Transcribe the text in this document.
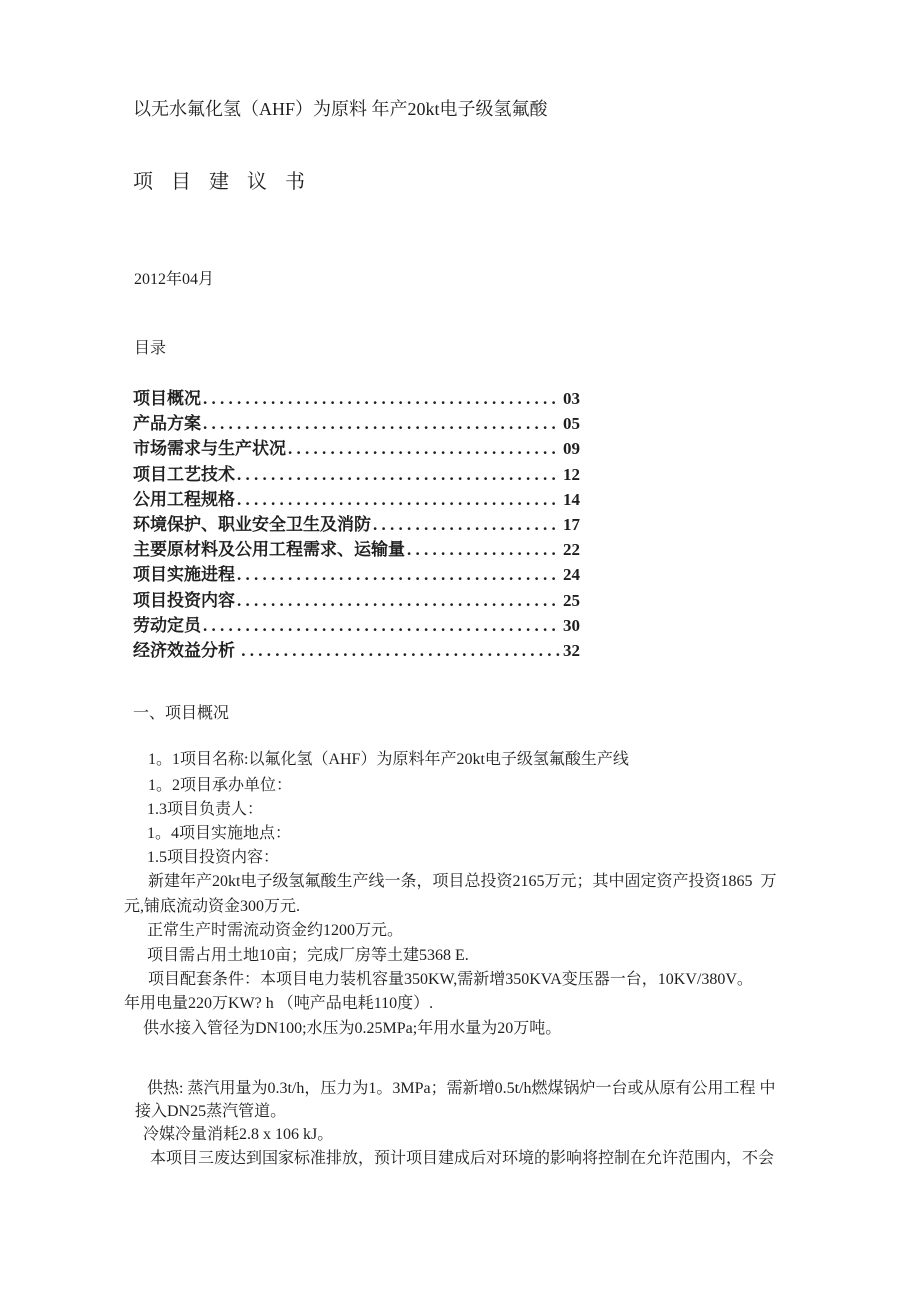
以无水氟化氢（AHF）为原料 年产20kt电子级氢氟酸
项 目 建 议 书
2012年04月
目录
项目概况 . . .	03
产品方案 . . .	05
市场需求与生产状况 . . .	09
项目工艺技术 . . .	12
公用工程规格 . . .	14
环境保护、职业安全卫生及消防 . . .	17
主要原材料及公用工程需求、运输量 . . .	22
项目实施进程 . . .	24
项目投资内容 . . .	25
劳动定员 . . .	30
经济效益分析 . . .	32
一、项目概况
1。1项目名称:以氟化氢（AHF）为原料年产20kt电子级氢氟酸生产线
1。2项目承办单位：
1.3项目负责人：
1。4项目实施地点：
1.5项目投资内容：
新建年产20kt电子级氢氟酸生产线一条，项目总投资2165万元；其中固定资产投资1865  万
元,铺底流动资金300万元.
正常生产时需流动资金约1200万元。
项目需占用土地10亩；完成厂房等土建5368 E.
项目配套条件：本项目电力装机容量350KW,需新增350KVA变压器一台，10KV/380V。
年用电量220万KW? h （吨产品电耗110度）.
供水接入管径为DN100;水压为0.25MPa;年用水量为20万吨。
供热: 蒸汽用量为0.3t/h，压力为1。3MPa；需新增0.5t/h燃煤锅炉一台或从原有公用工程 中
接入DN25蒸汽管道。
冷媒冷量消耗2.8 x 106 kJ。
本项目三废达到国家标准排放，预计项目建成后对环境的影响将控制在允许范围内，不会
